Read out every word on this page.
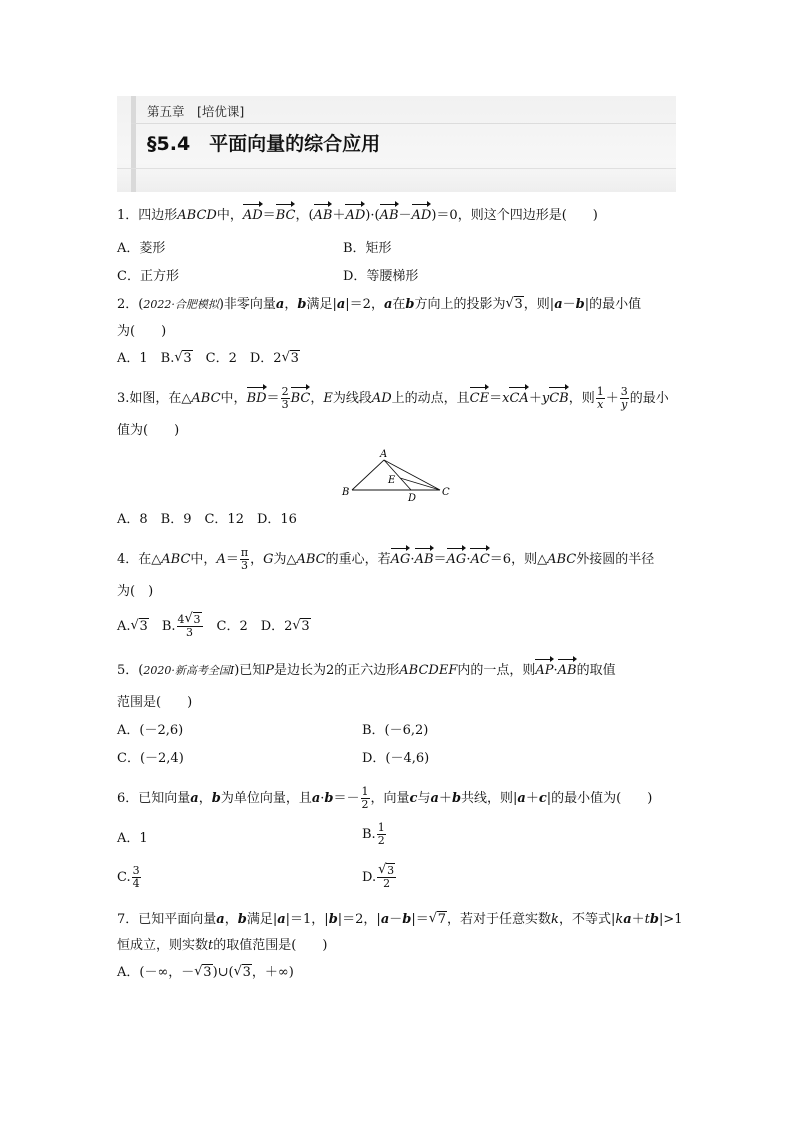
第五章　[培优课]
§5.4　平面向量的综合应用
1．四边形ABCD中，AD＝BC，(AB＋AD)·(AB－AD)＝0，则这个四边形是(　　)
A．菱形	B．矩形
C．正方形	D．等腰梯形
2．(2022·合肥模拟)非零向量a，b满足|a|＝2，a在b方向上的投影为 √ 3，则|a－b|的最小值
为(　　)
A．1　B. √ 3　C．2　D．2 √ 3
3.如图，在△ABC中，$BD= \frac{2}{3}$ BC，E为线段AD上的动点，且CE＝xCA＋yCB，则 $\frac{1}{x} + \frac{3}{y}$ 的最小
值为(　　)
A
B	C
D
E
A．8　B．9　C．12　D．16
4．在△ABC中，$A= \frac{\pi}{3}$ ，G为△ABC的重心，若AG·AB＝AG·AC＝6，则△ABC外接圆的半径
为(　)
A. √ 3　B. $\frac{4 √ 3}{3}$ 　C．2　D．2 √ 3
5．(2020·新高考全国Ⅰ)已知P是边长为2的正六边形ABCDEF内的一点，则AP·AB的取值
范围是(　　)
A．(－2,6)	B．(－6,2)
C．(－2,4)	D．(－4,6)
6．已知向量a，b为单位向量，且$a\cdot b=- \frac{1}{2}$ ，向量c与a＋b共线，则|a＋c|的最小值为(　　)
A．1	B. $\frac{1}{2}$
C. $\frac{3}{4}$	D. √ $\frac{3}{2}$
7．已知平面向量a，b满足|a|＝1，|b|＝2，|a－b|＝ √ 7，若对于任意实数k，不等式|ka＋tb|>1
恒成立，则实数t的取值范围是(　　)
A．(－∞，－ √ 3)∪( √ 3，＋∞)
